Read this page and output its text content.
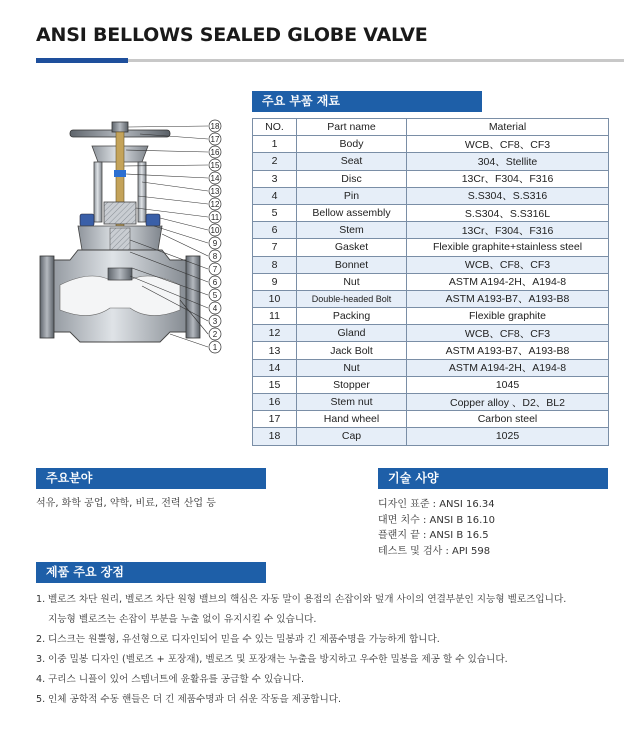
ANSI BELLOWS SEALED GLOBE VALVE
18
17
16
15
14
13
12
11
10
9
8
7
6
5
4
3
2
1
주요 부품 재료
NO.	Part name	Material
1	Body	WCB、CF8、CF3
2	Seat	304、Stellite
3	Disc	13Cr、F304、F316
4	Pin	S.S304、S.S316
5	Bellow assembly	S.S304、S.S316L
6	Stem	13Cr、F304、F316
7	Gasket	Flexible graphite+stainless steel
8	Bonnet	WCB、CF8、CF3
9	Nut	ASTM A194-2H、A194-8
10	Double-headed Bolt	ASTM A193-B7、A193-B8
11	Packing	Flexible graphite
12	Gland	WCB、CF8、CF3
13	Jack Bolt	ASTM A193-B7、A193-B8
14	Nut	ASTM A194-2H、A194-8
15	Stopper	1045
16	Stem nut	Copper alloy 、D2、BL2
17	Hand wheel	Carbon steel
18	Cap	1025
주요분야
석유, 화학 공업, 약학, 비료, 전력 산업 등
기술 사양
디자인 표준 : ANSI 16.34
대면 치수 : ANSI B 16.10
플랜지 끝 : ANSI B 16.5
테스트 및 검사 : API 598
제품 주요 장점
1. 벨로즈 차단 원리, 벨로즈 차단 원형 밸브의 핵심은 자동 말이 용접의 손잡이와 덮개 사이의 연결부분인 지능형 벨로즈입니다.
지능형 벨로즈는 손잡이 부분을 누출 없이 유지시킬 수 있습니다.
2. 디스크는 원뿔형, 유선형으로 디자인되어 믿을 수 있는 밀봉과 긴 제품수명을 가능하게 합니다.
3. 이중 밀봉 디자인 (벨로즈 + 포장재), 벨로즈 및 포장재는 누출을 방지하고 우수한 밀봉을 제공 할 수 있습니다.
4. 구리스 니플이 있어 스템너트에 윤활유를 공급할 수 있습니다.
5. 인체 공학적 수동 핸들은 더 긴 제품수명과 더 쉬운 작동을 제공합니다.
